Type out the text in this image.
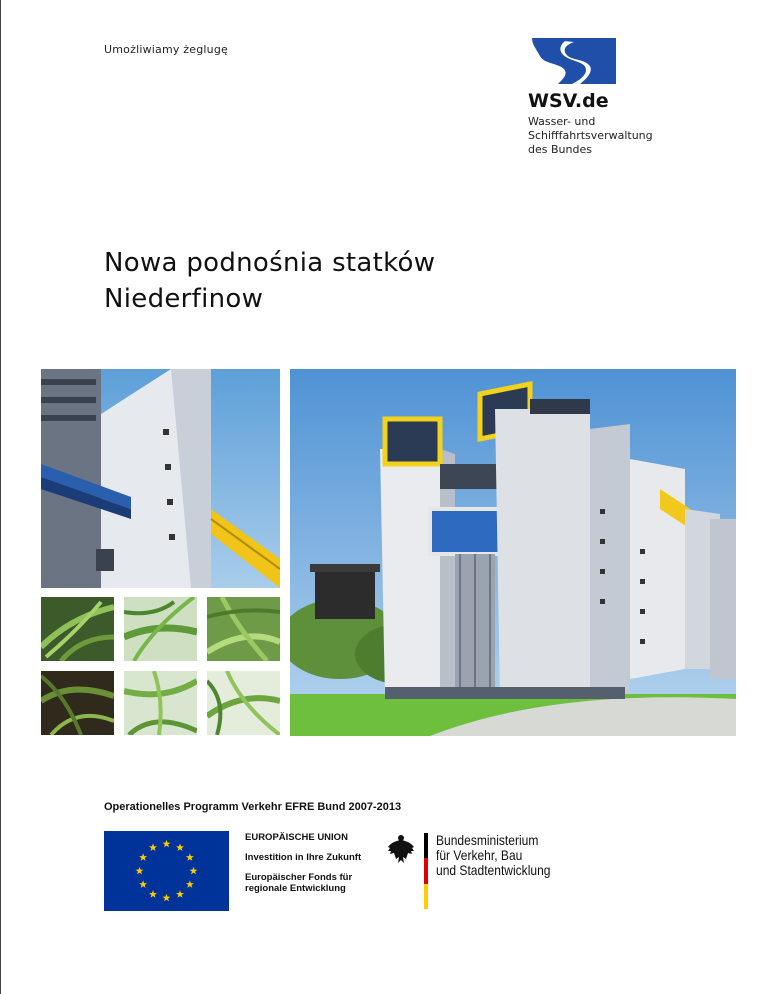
Umożliwiamy żeglugę
WSV.de
Wasser- und
Schifffahrtsverwaltung
des Bundes
Nowa podnośnia statków
Niederfinow
Operationelles Programm Verkehr EFRE Bund 2007-2013
EUROPÄISCHE UNION
Investition in Ihre Zukunft
Europäischer Fonds für
regionale Entwicklung
Bundesministerium
für Verkehr, Bau
und Stadtentwicklung
